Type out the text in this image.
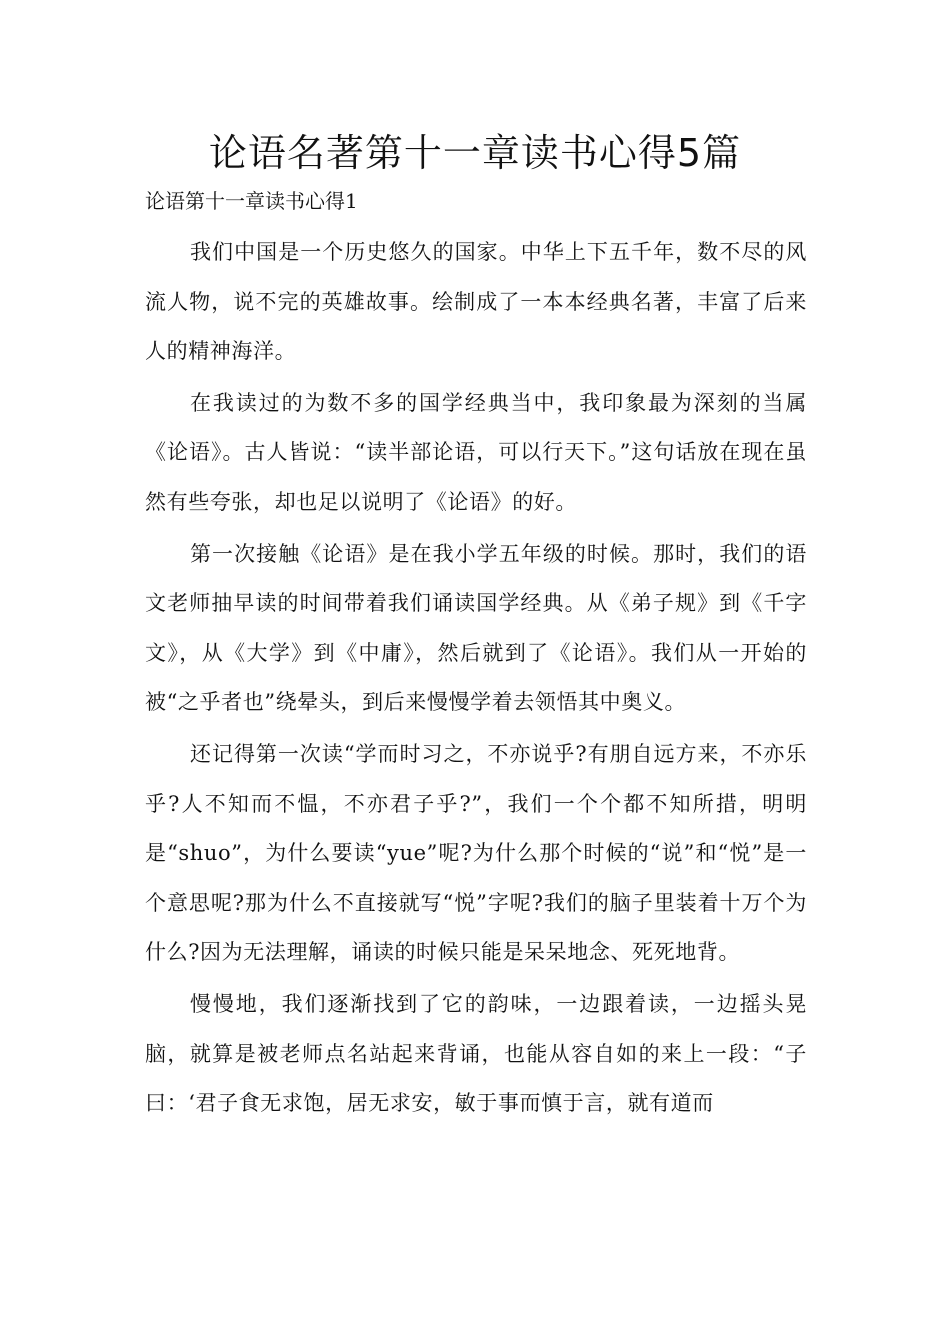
论语名著第十一章读书心得5篇

论语第十一章读书心得1

我们中国是一个历史悠久的国家。中华上下五千年，数不尽的风流人物，说不完的英雄故事。绘制成了一本本经典名著，丰富了后来人的精神海洋。

在我读过的为数不多的国学经典当中，我印象最为深刻的当属《论语》。古人皆说：“读半部论语，可以行天下。”这句话放在现在虽然有些夸张，却也足以说明了《论语》的好。

第一次接触《论语》是在我小学五年级的时候。那时，我们的语文老师抽早读的时间带着我们诵读国学经典。从《弟子规》到《千字文》，从《大学》到《中庸》，然后就到了《论语》。我们从一开始的被“之乎者也”绕晕头，到后来慢慢学着去领悟其中奥义。

还记得第一次读“学而时习之，不亦说乎?有朋自远方来，不亦乐乎?人不知而不愠，不亦君子乎?”，我们一个个都不知所措，明明是“shuo”，为什么要读“yue”呢?为什么那个时候的“说”和“悦”是一个意思呢?那为什么不直接就写“悦”字呢?我们的脑子里装着十万个为什么?因为无法理解，诵读的时候只能是呆呆地念、死死地背。

慢慢地，我们逐渐找到了它的韵味，一边跟着读，一边摇头晃脑，就算是被老师点名站起来背诵，也能从容自如的来上一段：“子曰：‘君子食无求饱，居无求安，敏于事而慎于言，就有道而
